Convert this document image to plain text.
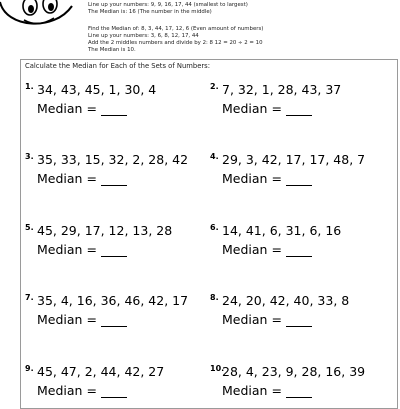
Line up your numbers: 9, 9, 16, 17, 44 (smallest to largest)
The Median is: 16 (The number in the middle)
Find the Median of: 8, 3, 44, 17, 12, 6 (Even amount of numbers)
Line up your numbers: 3, 6, 8, 12, 17, 44
Add the 2 middles numbers and divide by 2: 8 12 = 20 ÷ 2 = 10
The Median is 10.
Calculate the Median for Each of the Sets of Numbers:
1. 34, 43, 45, 1, 30, 4
Median =
2. 7, 32, 1, 28, 43, 37
Median =
3. 35, 33, 15, 32, 2, 28, 42
Median =
4. 29, 3, 42, 17, 17, 48, 7
Median =
5. 45, 29, 17, 12, 13, 28
Median =
6. 14, 41, 6, 31, 6, 16
Median =
7. 35, 4, 16, 36, 46, 42, 17
Median =
8. 24, 20, 42, 40, 33, 8
Median =
9. 45, 47, 2, 44, 42, 27
Median =
10.
28, 4, 23, 9, 28, 16, 39
Median =
